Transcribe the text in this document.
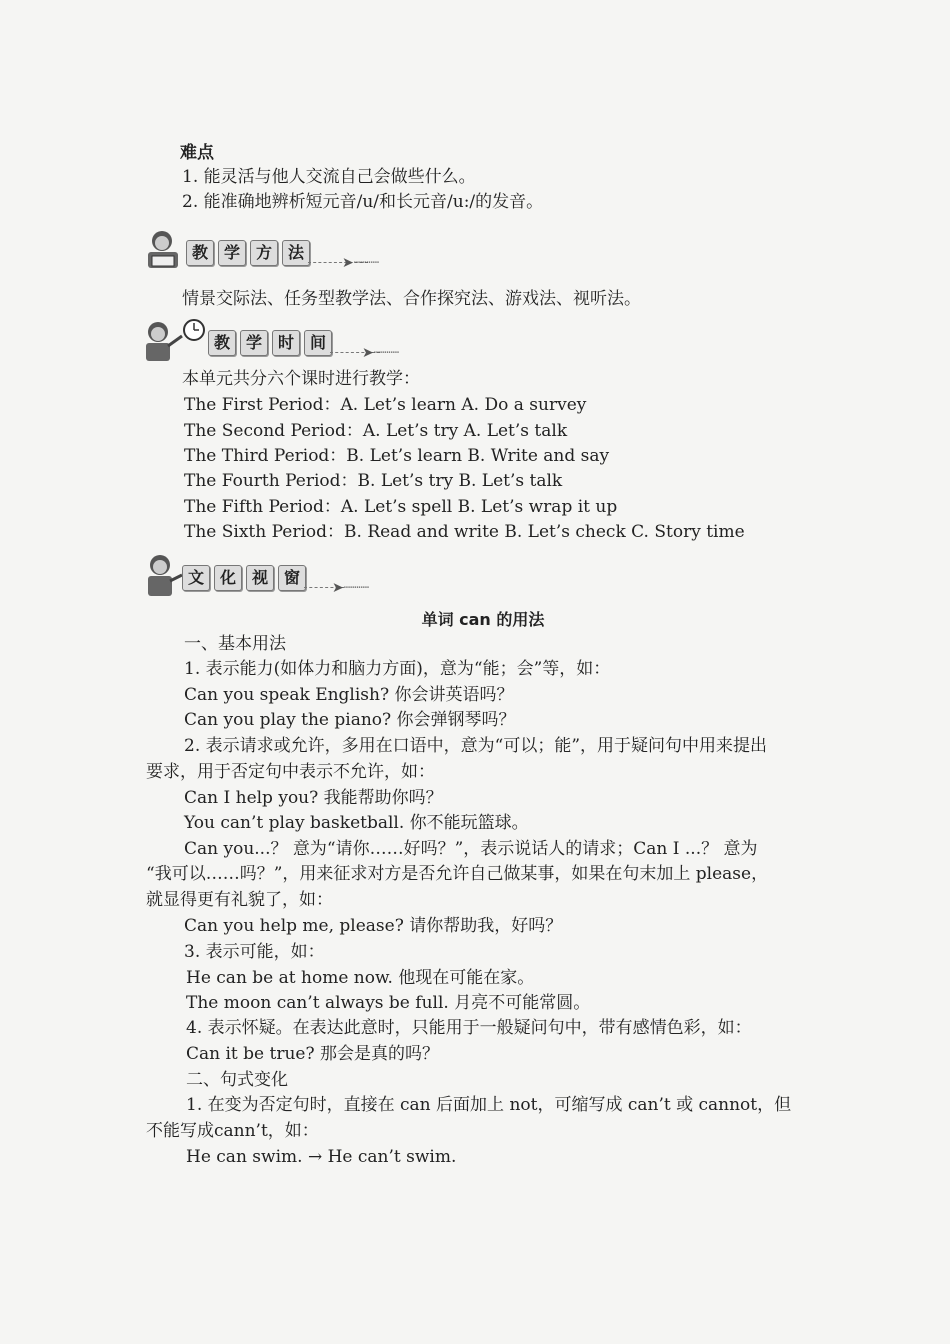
难点
1. 能灵活与他人交流自己会做些什么。
2. 能准确地辨析短元音/u/和长元音/u:/的发音。
教 学 方 法
➤┈┈┈
情景交际法、任务型教学法、合作探究法、游戏法、视听法。
教 学 时 间
➤┈┈┈
本单元共分六个课时进行教学：
The First Period：A. Let’s learn A. Do a survey
The Second Period：A. Let’s try A. Let’s talk
The Third Period：B. Let’s learn B. Write and say
The Fourth Period：B. Let’s try B. Let’s talk
The Fifth Period：A. Let’s spell B. Let’s wrap it up
The Sixth Period：B. Read and write B. Let’s check C. Story time
文 化 视 窗
➤┈┈┈
单词 can 的用法
一、基本用法
1. 表示能力(如体力和脑力方面)，意为“能；会”等，如：
Can you speak English? 你会讲英语吗？
Can you play the piano? 你会弹钢琴吗？
2. 表示请求或允许，多用在口语中，意为“可以；能”，用于疑问句中用来提出
要求，用于否定句中表示不允许，如：
Can I help you? 我能帮助你吗？
You can’t play basketball. 你不能玩篮球。
Can you...？ 意为“请你……好吗？”，表示说话人的请求；Can I ...？ 意为
“我可以……吗？”，用来征求对方是否允许自己做某事，如果在句末加上 please，
就显得更有礼貌了，如：
Can you help me, please? 请你帮助我，好吗？
3. 表示可能，如：
He can be at home now. 他现在可能在家。
The moon can’t always be full. 月亮不可能常圆。
4. 表示怀疑。在表达此意时，只能用于一般疑问句中，带有感情色彩，如：
Can it be true? 那会是真的吗？
二、句式变化
1. 在变为否定句时，直接在 can 后面加上 not，可缩写成 can’t 或 cannot，但
不能写成cann’t，如：
He can swim. → He can’t swim.
